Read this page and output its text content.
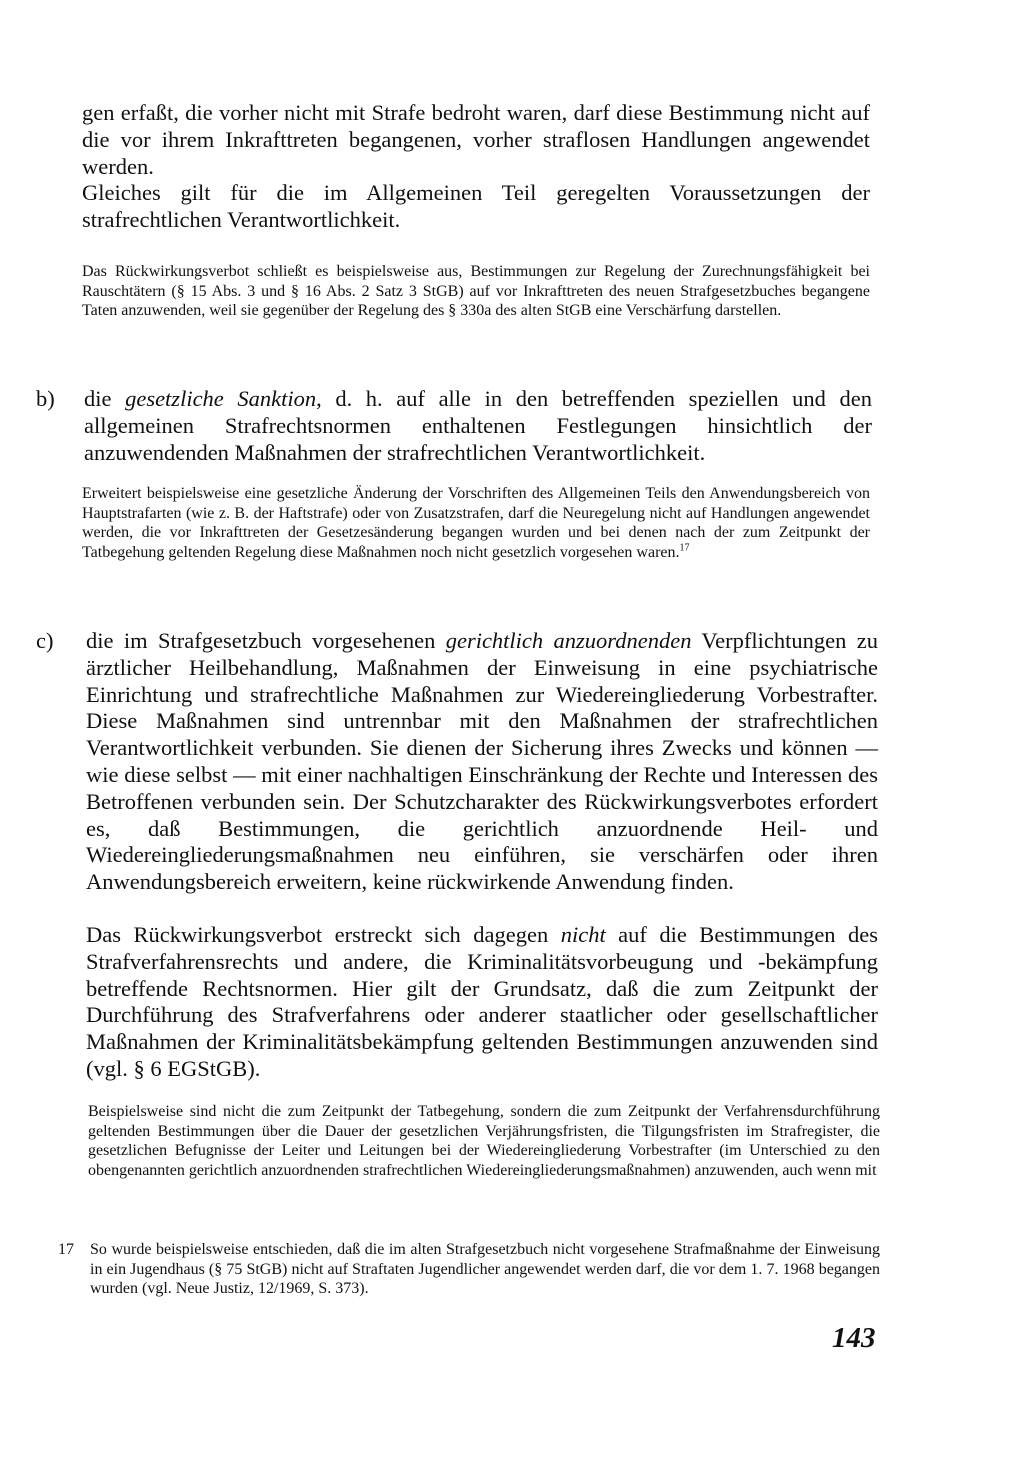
gen erfaßt, die vorher nicht mit Strafe bedroht waren, darf diese Bestimmung nicht auf die vor ihrem Inkrafttreten begangenen, vorher straflosen Handlungen angewendet werden.

Gleiches gilt für die im Allgemeinen Teil geregelten Voraussetzungen der strafrechtlichen Verantwortlichkeit.

Das Rückwirkungsverbot schließt es beispielsweise aus, Bestimmungen zur Regelung der Zurechnungsfähigkeit bei Rauschtätern (§ 15 Abs. 3 und § 16 Abs. 2 Satz 3 StGB) auf vor Inkrafttreten des neuen Strafgesetzbuches begangene Taten anzuwenden, weil sie gegenüber der Regelung des § 330a des alten StGB eine Verschärfung darstellen.
b) die gesetzliche Sanktion, d. h. auf alle in den betreffenden speziellen und den allgemeinen Strafrechtsnormen enthaltenen Festlegungen hinsichtlich der anzuwendenden Maßnahmen der strafrechtlichen Verantwortlichkeit.
Erweitert beispielsweise eine gesetzliche Änderung der Vorschriften des Allgemeinen Teils den Anwendungsbereich von Hauptstrafarten (wie z. B. der Haftstrafe) oder von Zusatzstrafen, darf die Neuregelung nicht auf Handlungen angewendet werden, die vor Inkrafttreten der Gesetzesänderung begangen wurden und bei denen nach der zum Zeitpunkt der Tatbegehung geltenden Regelung diese Maßnahmen noch nicht gesetzlich vorgesehen waren.$^{17}$
c) die im Strafgesetzbuch vorgesehenen gerichtlich anzuordnenden Verpflichtungen zu ärztlicher Heilbehandlung, Maßnahmen der Einweisung in eine psychiatrische Einrichtung und strafrechtliche Maßnahmen zur Wiedereingliederung Vorbestrafter. Diese Maßnahmen sind untrennbar mit den Maßnahmen der strafrechtlichen Verantwortlichkeit verbunden. Sie dienen der Sicherung ihres Zwecks und können — wie diese selbst — mit einer nachhaltigen Einschränkung der Rechte und Interessen des Betroffenen verbunden sein. Der Schutzcharakter des Rückwirkungsverbotes erfordert es, daß Bestimmungen, die gerichtlich anzuordnende Heil- und Wiedereingliederungsmaßnahmen neu einführen, sie verschärfen oder ihren Anwendungsbereich erweitern, keine rückwirkende Anwendung finden.
Das Rückwirkungsverbot erstreckt sich dagegen nicht auf die Bestimmungen des Strafverfahrensrechts und andere, die Kriminalitätsvorbeugung und -bekämpfung betreffende Rechtsnormen. Hier gilt der Grundsatz, daß die zum Zeitpunkt der Durchführung des Strafverfahrens oder anderer staatlicher oder gesellschaftlicher Maßnahmen der Kriminalitätsbekämpfung geltenden Bestimmungen anzuwenden sind (vgl. § 6 EGStGB).
Beispielsweise sind nicht die zum Zeitpunkt der Tatbegehung, sondern die zum Zeitpunkt der Verfahrensdurchführung geltenden Bestimmungen über die Dauer der gesetzlichen Verjährungsfristen, die Tilgungsfristen im Strafregister, die gesetzlichen Befugnisse der Leiter und Leitungen bei der Wiedereingliederung Vorbestrafter (im Unterschied zu den obengenannten gerichtlich anzuordnenden strafrechtlichen Wiedereingliederungsmaßnahmen) anzuwenden, auch wenn mit
17 So wurde beispielsweise entschieden, daß die im alten Strafgesetzbuch nicht vorgesehene Strafmaßnahme der Einweisung in ein Jugendhaus (§ 75 StGB) nicht auf Straftaten Jugendlicher angewendet werden darf, die vor dem 1. 7. 1968 begangen wurden (vgl. Neue Justiz, 12/1969, S. 373).
143
